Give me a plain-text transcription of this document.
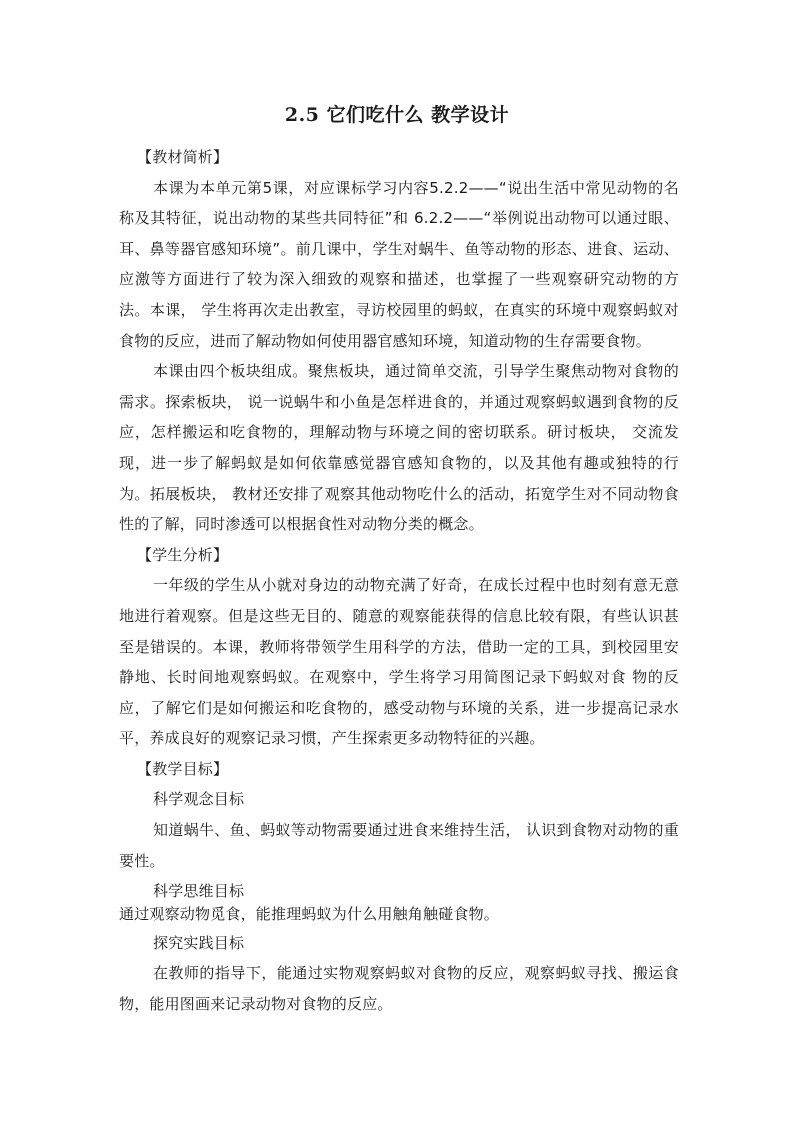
2.5 它们吃什么 教学设计

【教材简析】

本课为本单元第5课，对应课标学习内容5.2.2——“说出生活中常见动物的名称及其特征，说出动物的某些共同特征”和 6.2.2——“举例说出动物可以通过眼、耳、鼻等器官感知环境”。前几课中，学生对蜗牛、鱼等动物的形态、进食、运动、应激等方面进行了较为深入细致的观察和描述，也掌握了一些观察研究动物的方法。本课， 学生将再次走出教室，寻访校园里的蚂蚁，在真实的环境中观察蚂蚁对食物的反应，进而了解动物如何使用器官感知环境，知道动物的生存需要食物。

本课由四个板块组成。聚焦板块，通过简单交流，引导学生聚焦动物对食物的需求。探索板块， 说一说蜗牛和小鱼是怎样进食的，并通过观察蚂蚁遇到食物的反应，怎样搬运和吃食物的，理解动物与环境之间的密切联系。研讨板块， 交流发现，进一步了解蚂蚁是如何依靠感觉器官感知食物的，以及其他有趣或独特的行为。拓展板块， 教材还安排了观察其他动物吃什么的活动，拓宽学生对不同动物食性的了解，同时渗透可以根据食性对动物分类的概念。

【学生分析】

一年级的学生从小就对身边的动物充满了好奇，在成长过程中也时刻有意无意地进行着观察。但是这些无目的、随意的观察能获得的信息比较有限，有些认识甚至是错误的。本课，教师将带领学生用科学的方法，借助一定的工具，到校园里安静地、长时间地观察蚂蚁。在观察中，学生将学习用简图记录下蚂蚁对食 物的反应，了解它们是如何搬运和吃食物的，感受动物与环境的关系，进一步提高记录水平，养成良好的观察记录习惯，产生探索更多动物特征的兴趣。

【教学目标】

科学观念目标

知道蜗牛、鱼、蚂蚁等动物需要通过进食来维持生活， 认识到食物对动物的重要性。

科学思维目标

通过观察动物觅食，能推理蚂蚁为什么用触角触碰食物。

探究实践目标

在教师的指导下，能通过实物观察蚂蚁对食物的反应，观察蚂蚁寻找、搬运食物，能用图画来记录动物对食物的反应。
